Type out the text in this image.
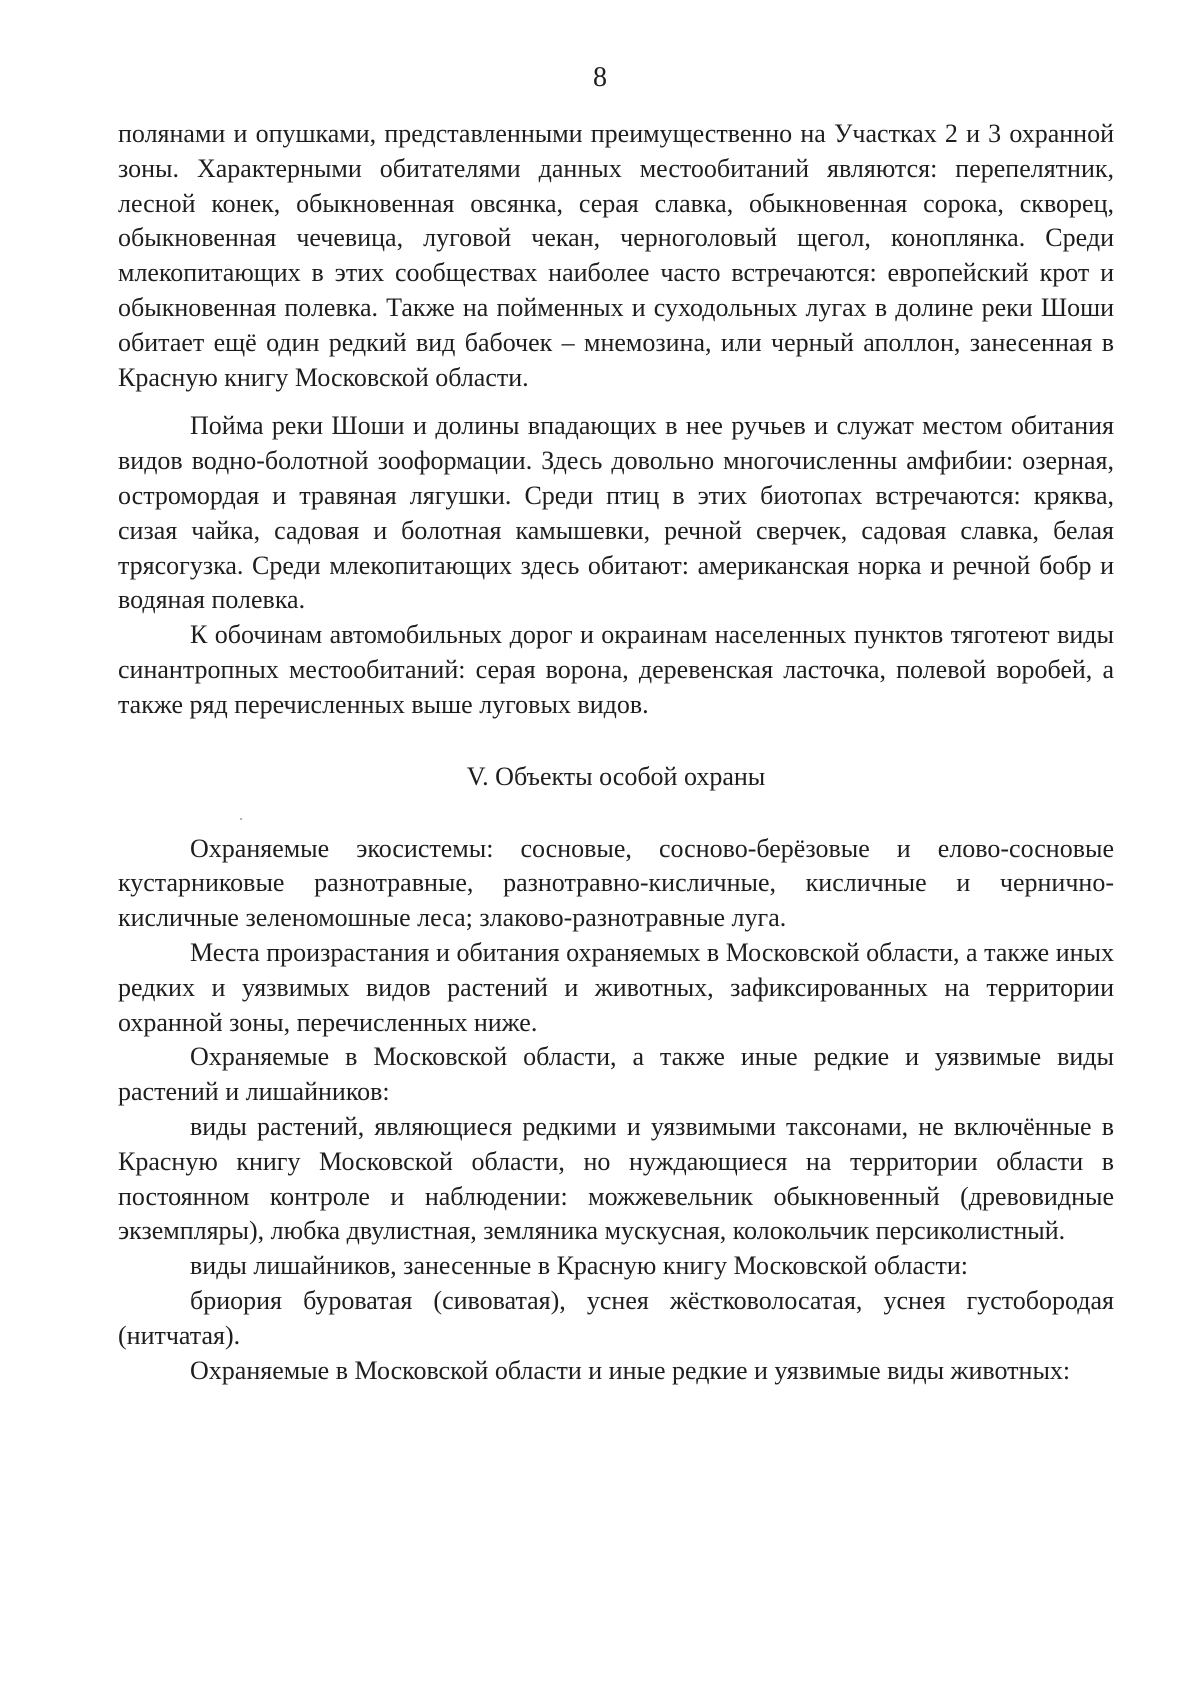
8

полянами и опушками, представленными преимущественно на Участках 2 и 3 охранной зоны. Характерными обитателями данных местообитаний являются: перепелятник, лесной конек, обыкновенная овсянка, серая славка, обыкновенная сорока, скворец, обыкновенная чечевица, луговой чекан, черноголовый щегол, коноплянка. Среди млекопитающих в этих сообществах наиболее часто встречаются: европейский крот и обыкновенная полевка. Также на пойменных и суходольных лугах в долине реки Шоши обитает ещё один редкий вид бабочек – мнемозина, или черный аполлон, занесенная в Красную книгу Московской области.

Пойма реки Шоши и долины впадающих в нее ручьев и служат местом обитания видов водно-болотной зооформации. Здесь довольно многочисленны амфибии: озерная, остромордая и травяная лягушки. Среди птиц в этих биотопах встречаются: кряква, сизая чайка, садовая и болотная камышевки, речной сверчек, садовая славка, белая трясогузка. Среди млекопитающих здесь обитают: американская норка и речной бобр и водяная полевка.

К обочинам автомобильных дорог и окраинам населенных пунктов тяготеют виды синантропных местообитаний: серая ворона, деревенская ласточка, полевой воробей, а также ряд перечисленных выше луговых видов.

V. Объекты особой охраны

Охраняемые экосистемы: сосновые, сосново-берёзовые и елово-сосновые кустарниковые разнотравные, разнотравно-кисличные, кисличные и чернично-кисличные зеленомошные леса; злаково-разнотравные луга.

Места произрастания и обитания охраняемых в Московской области, а также иных редких и уязвимых видов растений и животных, зафиксированных на территории охранной зоны, перечисленных ниже.

Охраняемые в Московской области, а также иные редкие и уязвимые виды растений и лишайников:

виды растений, являющиеся редкими и уязвимыми таксонами, не включённые в Красную книгу Московской области, но нуждающиеся на территории области в постоянном контроле и наблюдении: можжевельник обыкновенный (древовидные экземпляры), любка двулистная, земляника мускусная, колокольчик персиколистный.

виды лишайников, занесенные в Красную книгу Московской области:

бриория буроватая (сивоватая), уснея жёстковолосатая, уснея густобородая (нитчатая).

Охраняемые в Московской области и иные редкие и уязвимые виды животных:
